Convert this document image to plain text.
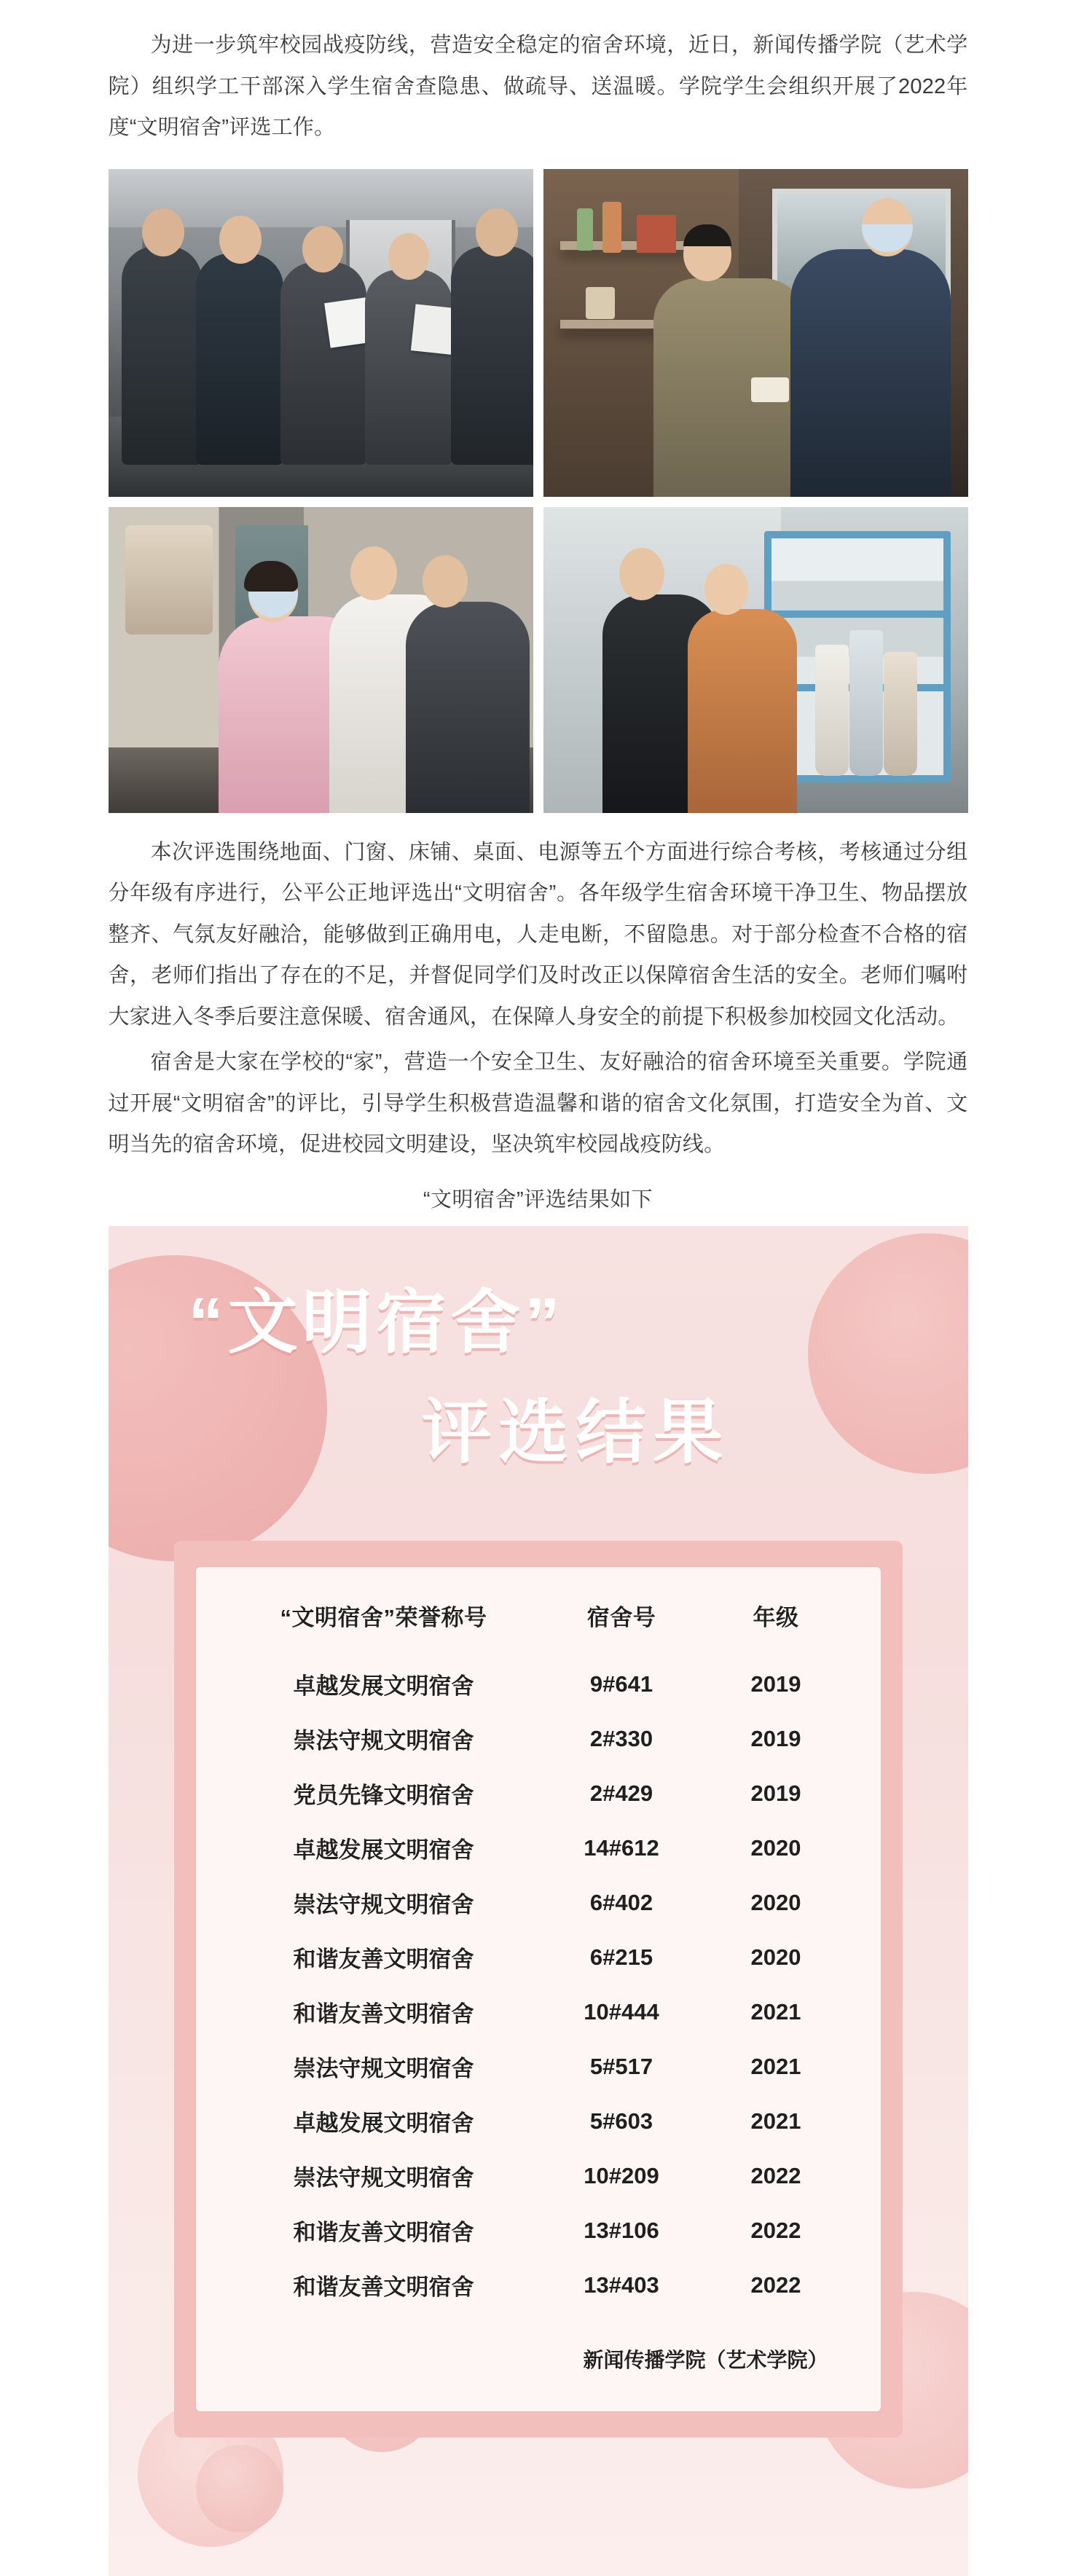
为进一步筑牢校园战疫防线，营造安全稳定的宿舍环境，近日，新闻传播学院（艺术学院）组织学工干部深入学生宿舍查隐患、做疏导、送温暖。学院学生会组织开展了2022年度“文明宿舍”评选工作。

本次评选围绕地面、门窗、床铺、桌面、电源等五个方面进行综合考核，考核通过分组分年级有序进行，公平公正地评选出“文明宿舍”。各年级学生宿舍环境干净卫生、物品摆放整齐、气氛友好融洽，能够做到正确用电，人走电断，不留隐患。对于部分检查不合格的宿舍，老师们指出了存在的不足，并督促同学们及时改正以保障宿舍生活的安全。老师们嘱咐大家进入冬季后要注意保暖、宿舍通风，在保障人身安全的前提下积极参加校园文化活动。

宿舍是大家在学校的“家”，营造一个安全卫生、友好融洽的宿舍环境至关重要。学院通过开展“文明宿舍”的评比，引导学生积极营造温馨和谐的宿舍文化氛围，打造安全为首、文明当先的宿舍环境，促进校园文明建设，坚决筑牢校园战疫防线。

“文明宿舍”评选结果如下
“文明宿舍”
评选结果
“文明宿舍”荣誉称号	宿舍号	年级
卓越发展文明宿舍	9#641	2019
崇法守规文明宿舍	2#330	2019
党员先锋文明宿舍	2#429	2019
卓越发展文明宿舍	14#612	2020
崇法守规文明宿舍	6#402	2020
和谐友善文明宿舍	6#215	2020
和谐友善文明宿舍	10#444	2021
崇法守规文明宿舍	5#517	2021
卓越发展文明宿舍	5#603	2021
崇法守规文明宿舍	10#209	2022
和谐友善文明宿舍	13#106	2022
和谐友善文明宿舍	13#403	2022
新闻传播学院（艺术学院）
